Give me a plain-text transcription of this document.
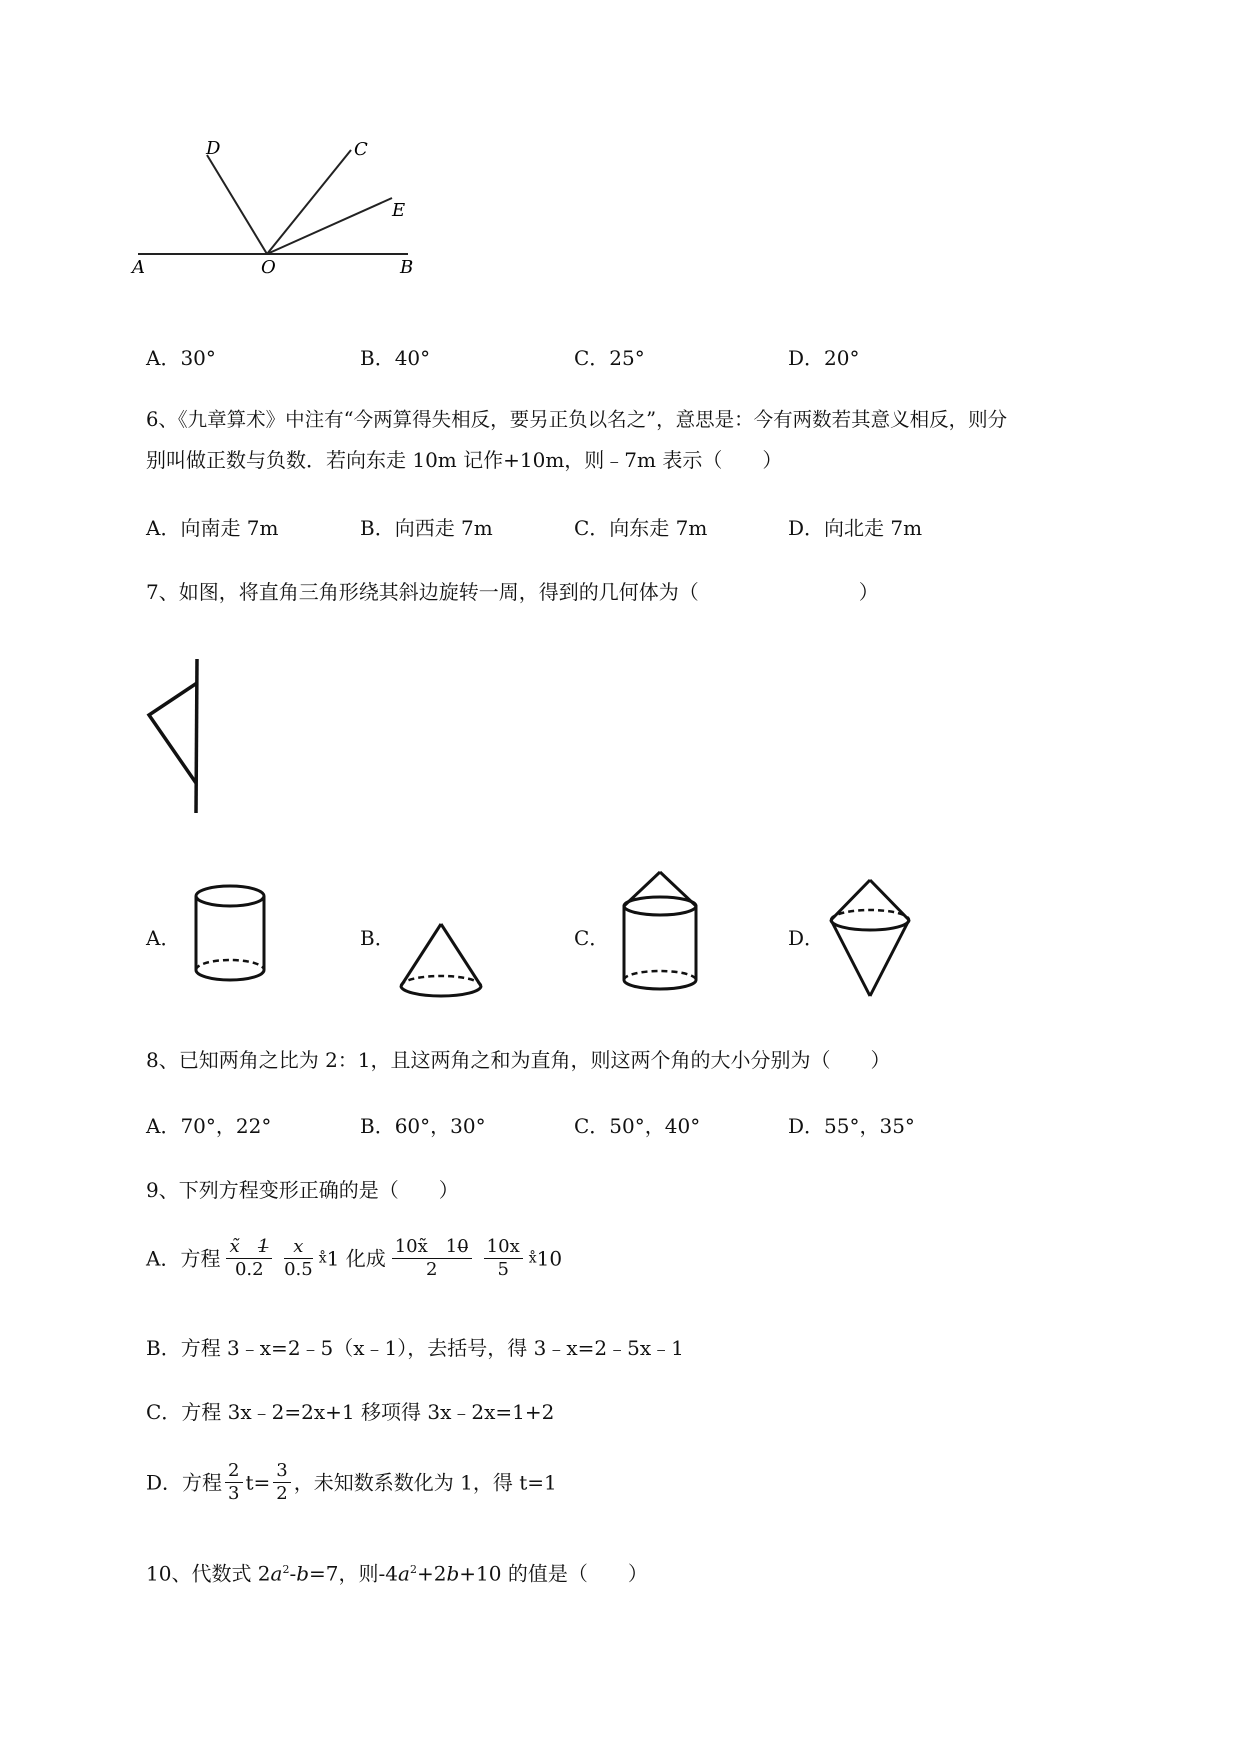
D	C
E
A	O	B
A．30°	B．40°	C．25°	D．20°
6、《九章算术》中注有“今两算得失相反，要另正负以名之”，意思是：今有两数若其意义相反，则分
别叫做正数与负数．若向东走 10m 记作+10m，则﹣7m 表示（　　）
A．向南走 7m	B．向西走 7m	C．向东走 7m	D．向北走 7m
7、如图，将直角三角形绕其斜边旋转一周，得到的几何体为（　　　　　　　　）
A．	B．	C．	D．
8、已知两角之比为 2：1，且这两角之和为直角，则这两个角的大小分别为（　　）
A．70°，22°	B．60°，30°	C．50°，40°	D．55°，35°
9、下列方程变形正确的是（　　）
A．方程 $\frac{x̃ 1̶}{0.2} \frac{x}{0.5}$ x̊1 化成 $\frac{10x̃ 10̶}{2} \frac{10x}{5}$ x̊10
B．方程 3﹣x=2﹣5（x﹣1），去括号，得 3﹣x=2﹣5x﹣1
C．方程 3x﹣2=2x+1 移项得 3x﹣2x=1+2
D．方程 $\frac{2}{3} t= \frac{3}{2}$ ，未知数系数化为 1，得 t=1
10、代数式 $2a^2-b=7$，则$-4a^2+2b+10$ 的值是（　　）
